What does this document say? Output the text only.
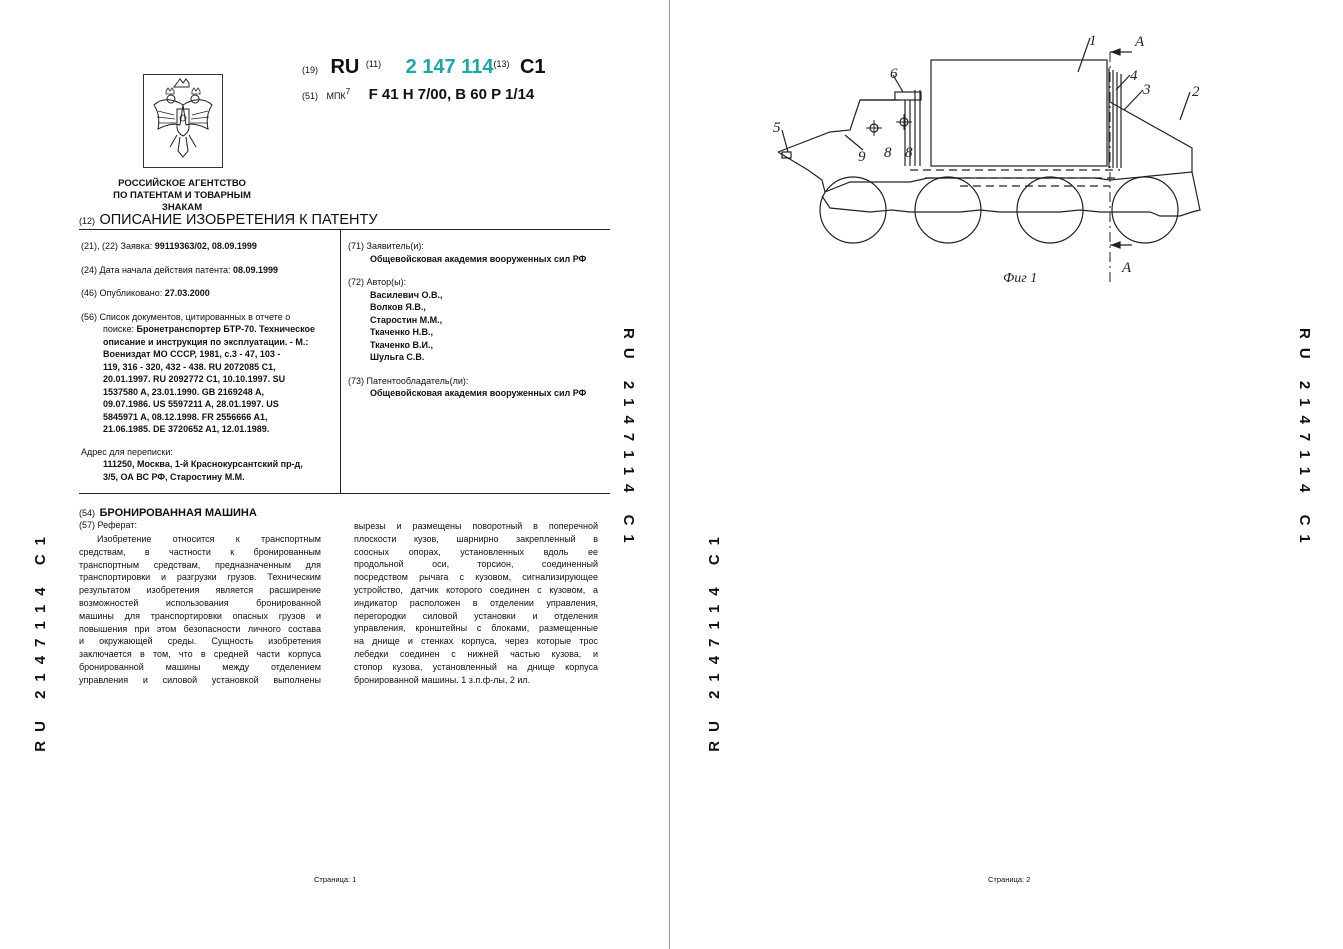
РОССИЙСКОЕ АГЕНТСТВО
ПО ПАТЕНТАМ И ТОВАРНЫМ ЗНАКАМ
(19) RU $^{(11)}$ 2 147 114$^{(13)}$ C1
(51) МПК$^7$ F 41 H 7/00, B 60 P 1/14
(12) ОПИСАНИЕ ИЗОБРЕТЕНИЯ К ПАТЕНТУ
(21), (22) Заявка: 99119363/02, 08.09.1999
(24) Дата начала действия патента: 08.09.1999
(46) Опубликовано: 27.03.2000
(56) Список документов, цитированных в отчете о
поиске: Бронетранспортер БТР-70. Техническое
описание и инструкция по эксплуатации. - М.:
Воениздат МО СССР, 1981, с.3 - 47, 103 -
119, 316 - 320, 432 - 438. RU 2072085 C1,
20.01.1997. RU 2092772 C1, 10.10.1997. SU
1537580 A, 23.01.1990. GB 2169248 A,
09.07.1986. US 5597211 A, 28.01.1997. US
5845971 A, 08.12.1998. FR 2556666 A1,
21.06.1985. DE 3720652 A1, 12.01.1989.
Адрес для переписки:
111250, Москва, 1-й Краснокурсантский пр-д,
3/5, ОА ВС РФ, Старостину М.М.
(71) Заявитель(и):
Общевойсковая академия вооруженных сил РФ
(72) Автор(ы):
Василевич О.В.,
Волков Я.В.,
Старостин М.М.,
Ткаченко Н.В.,
Ткаченко В.И.,
Шульга С.В.
(73) Патентообладатель(ли):
Общевойсковая академия вооруженных сил РФ
(54) БРОНИРОВАННАЯ МАШИНА
(57) Реферат:
Изобретение относится к транспортным
средствам, в частности к бронированным
транспортным средствам, предназначенным для
транспортировки и разгрузки грузов. Техническим
результатом изобретения является расширение
возможностей использования бронированной
машины для транспортировки опасных грузов и
повышения при этом безопасности личного состава
и окружающей среды. Сущность изобретения
заключается в том, что в средней части корпуса
бронированной машины между отделением
управления и силовой установкой выполнены
вырезы и размещены поворотный в поперечной
плоскости кузов, шарнирно закрепленный в
соосных опорах, установленных вдоль ее
продольной оси, торсион, соединенный
посредством рычага с кузовом, сигнализирующее
устройство, датчик которого соединен с кузовом, а
индикатор расположен в отделении управления,
перегородки силовой установки и отделения
управления, кронштейны с блоками, размещенные
на днище и стенках корпуса, через которые трос
лебедки соединен с нижней частью кузова, и
стопор кузова, установленный на днище корпуса
бронированной машины. 1 з.п.ф-лы, 2 ил.
RU 2147114 C1
RU 2147114 C1
Страница: 1
RU 2147114 C1
RU 2147114 C1
1
2
3
4
5
6
8 8
9
A
A
Фиг 1
Страница: 2
